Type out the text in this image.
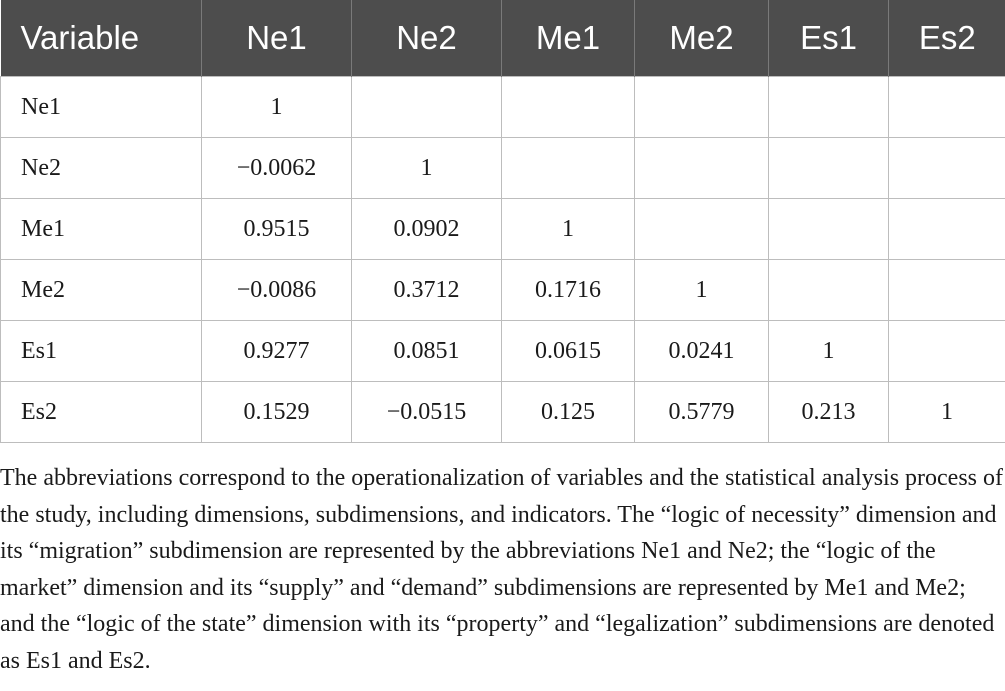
Variable	Ne1	Ne2	Me1	Me2	Es1	Es2
Ne1	1					
Ne2	−0.0062	1				
Me1	0.9515	0.0902	1			
Me2	−0.0086	0.3712	0.1716	1		
Es1	0.9277	0.0851	0.0615	0.0241	1	
Es2	0.1529	−0.0515	0.125	0.5779	0.213	1

The abbreviations correspond to the operationalization of variables and the statistical analysis process of the study, including dimensions, subdimensions, and indicators. The “logic of necessity” dimension and its “migration” subdimension are represented by the abbreviations Ne1 and Ne2; the “logic of the market” dimension and its “supply” and “demand” subdimensions are represented by Me1 and Me2; and the “logic of the state” dimension with its “property” and “legalization” subdimensions are denoted as Es1 and Es2.
